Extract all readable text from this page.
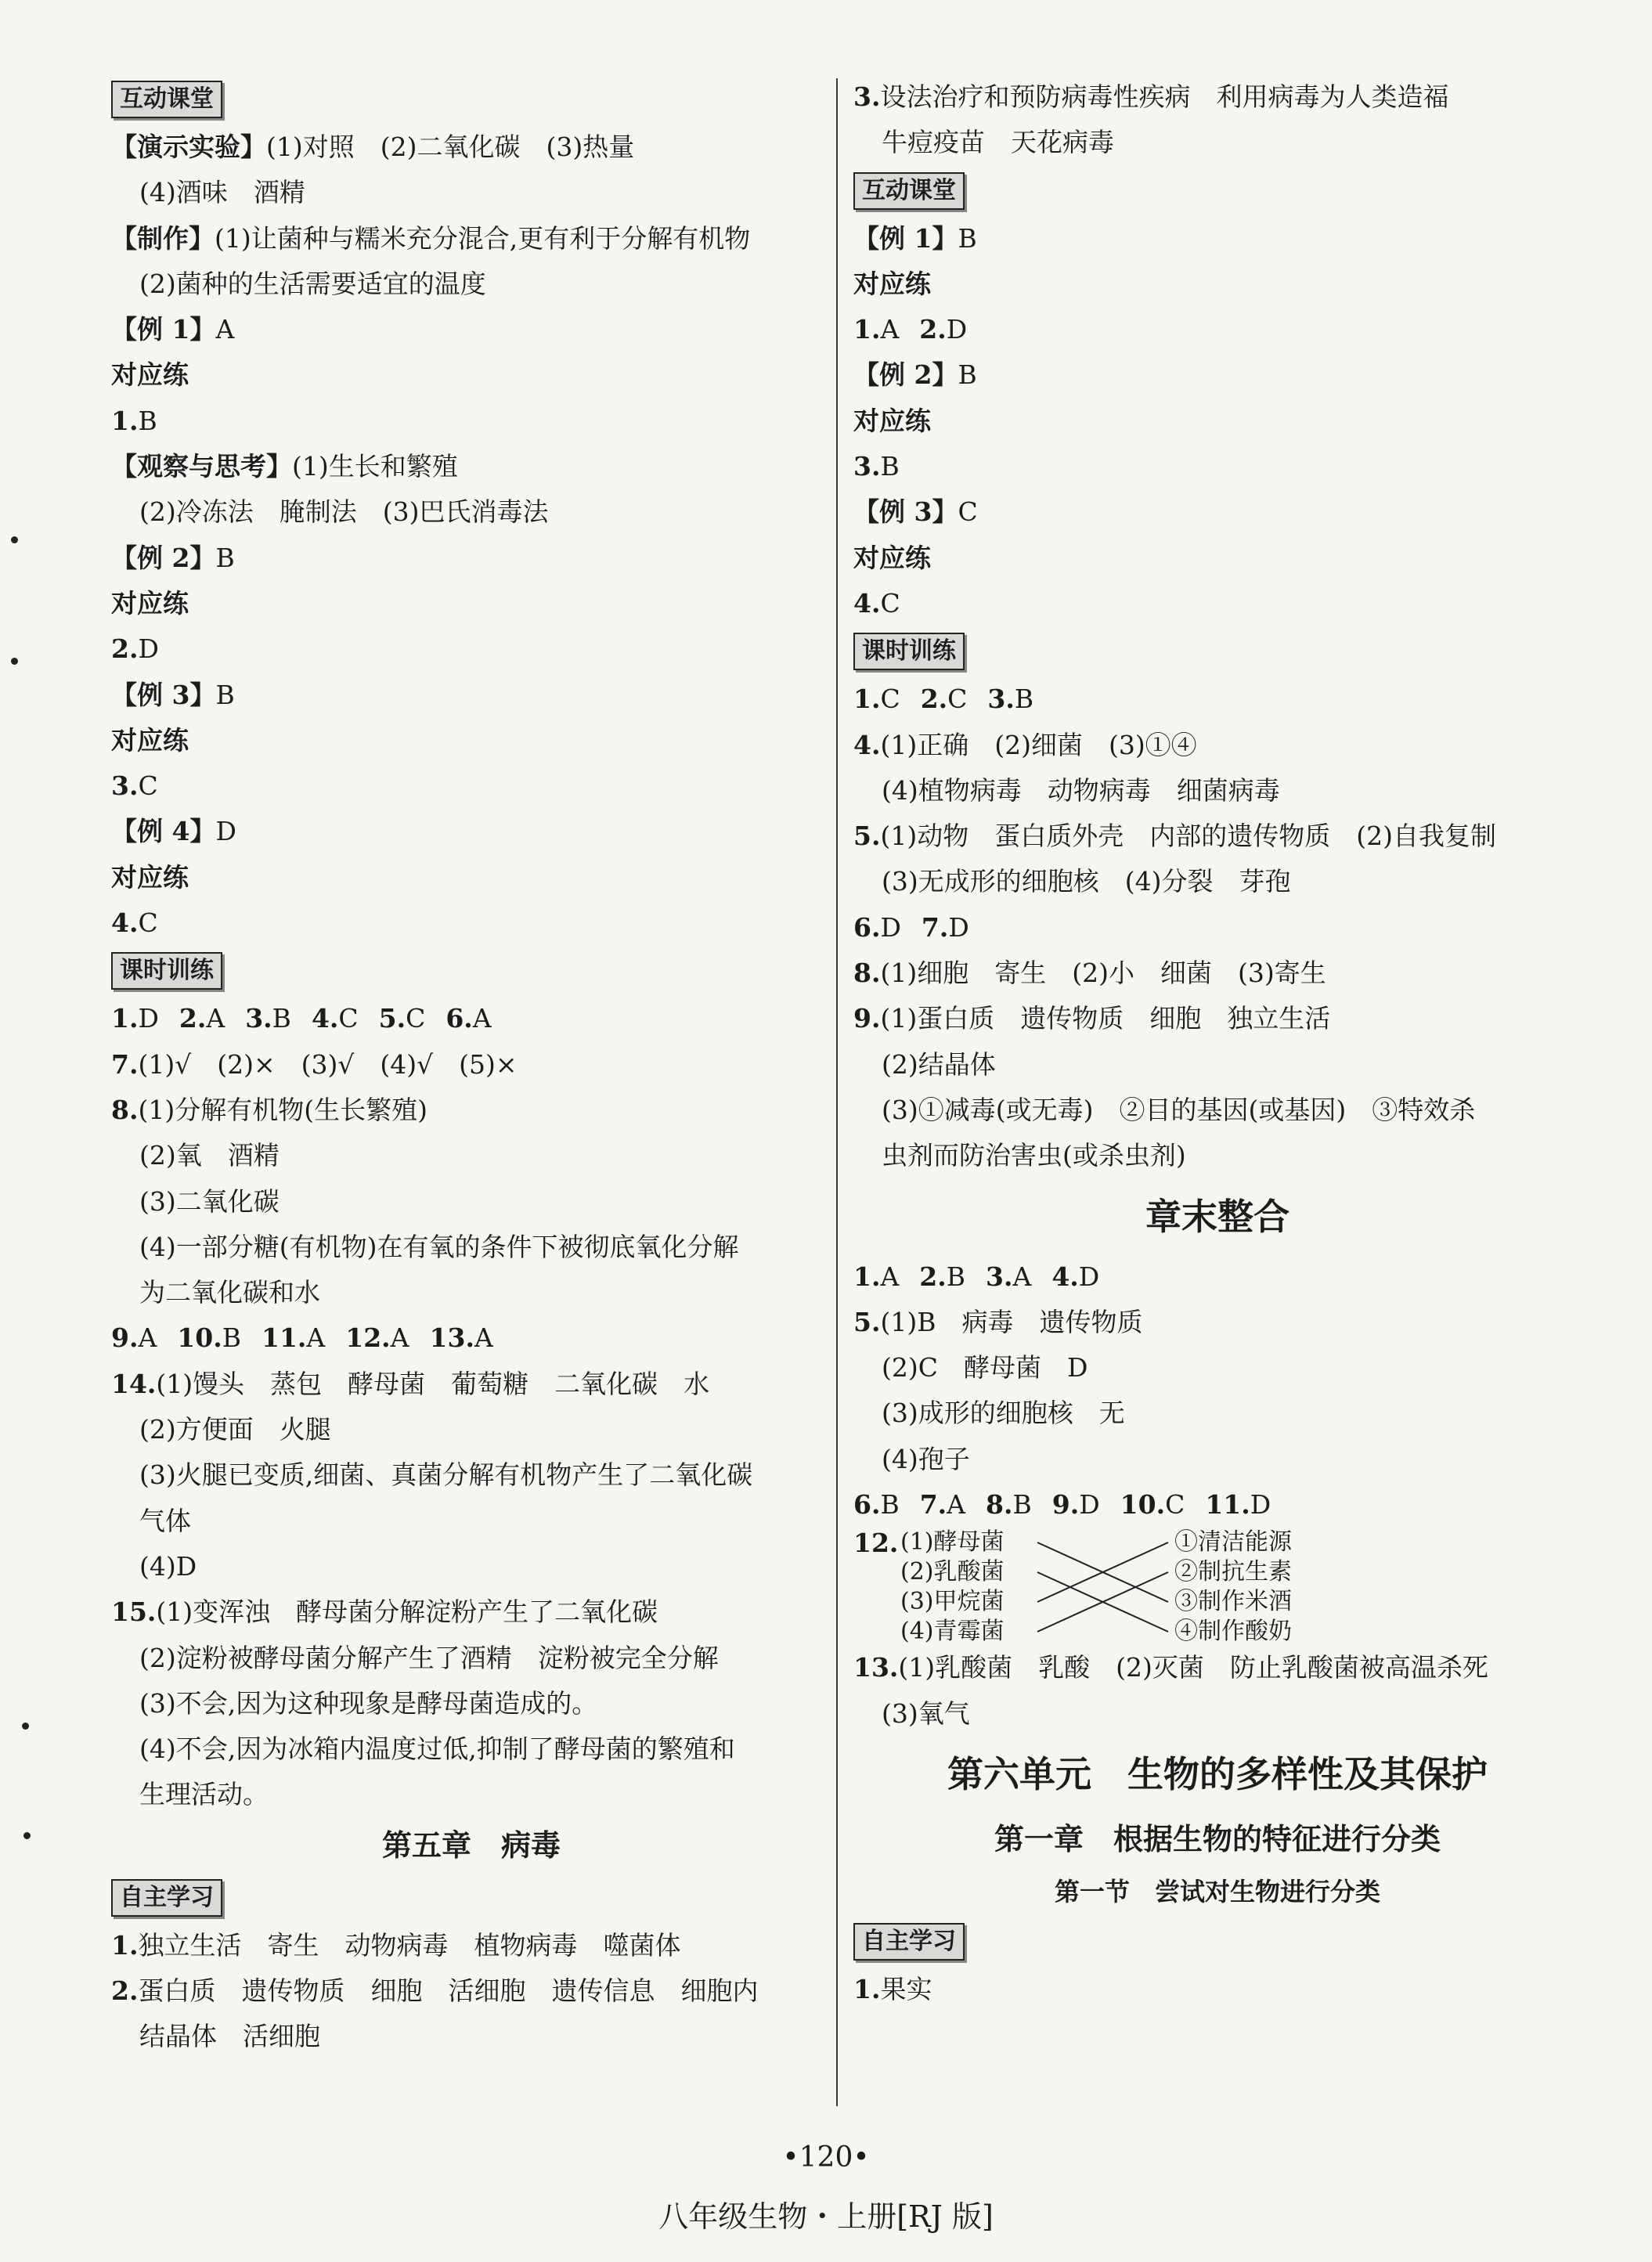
互动课堂
【演示实验】(1)对照　(2)二氧化碳　(3)热量
(4)酒味　酒精
【制作】(1)让菌种与糯米充分混合,更有利于分解有机物
(2)菌种的生活需要适宜的温度
【例 1】A
对应练
1.B
【观察与思考】(1)生长和繁殖
(2)冷冻法　腌制法　(3)巴氏消毒法
【例 2】B
对应练
2.D
【例 3】B
对应练
3.C
【例 4】D
对应练
4.C
课时训练
1.D 2.A 3.B 4.C 5.C 6.A
7.(1)√　(2)×　(3)√　(4)√　(5)×
8.(1)分解有机物(生长繁殖)
(2)氧　酒精
(3)二氧化碳
(4)一部分糖(有机物)在有氧的条件下被彻底氧化分解
为二氧化碳和水
9.A 10.B 11.A 12.A 13.A
14.(1)馒头　蒸包　酵母菌　葡萄糖　二氧化碳　水
(2)方便面　火腿
(3)火腿已变质,细菌、真菌分解有机物产生了二氧化碳
气体
(4)D
15.(1)变浑浊　酵母菌分解淀粉产生了二氧化碳
(2)淀粉被酵母菌分解产生了酒精　淀粉被完全分解
(3)不会,因为这种现象是酵母菌造成的。
(4)不会,因为冰箱内温度过低,抑制了酵母菌的繁殖和
生理活动。
第五章　病毒
自主学习
1.独立生活　寄生　动物病毒　植物病毒　噬菌体
2.蛋白质　遗传物质　细胞　活细胞　遗传信息　细胞内
结晶体　活细胞
3.设法治疗和预防病毒性疾病　利用病毒为人类造福
牛痘疫苗　天花病毒
互动课堂
【例 1】B
对应练
1.A 2.D
【例 2】B
对应练
3.B
【例 3】C
对应练
4.C
课时训练
1.C 2.C 3.B
4.(1)正确　(2)细菌　(3)①④
(4)植物病毒　动物病毒　细菌病毒
5.(1)动物　蛋白质外壳　内部的遗传物质　(2)自我复制
(3)无成形的细胞核　(4)分裂　芽孢
6.D 7.D
8.(1)细胞　寄生　(2)小　细菌　(3)寄生
9.(1)蛋白质　遗传物质　细胞　独立生活
(2)结晶体
(3)①减毒(或无毒)　②目的基因(或基因)　③特效杀
虫剂而防治害虫(或杀虫剂)
章末整合
1.A 2.B 3.A 4.D
5.(1)B　病毒　遗传物质
(2)C　酵母菌　D
(3)成形的细胞核　无
(4)孢子
6.B 7.A 8.B 9.D 10.C 11.D
12. (1)酵母菌
(2)乳酸菌
(3)甲烷菌
(4)青霉菌
①清洁能源
②制抗生素
③制作米酒
④制作酸奶
13.(1)乳酸菌　乳酸　(2)灭菌　防止乳酸菌被高温杀死
(3)氧气
第六单元　生物的多样性及其保护
第一章　根据生物的特征进行分类
第一节　尝试对生物进行分类
自主学习
1.果实
•120•
八年级生物・上册[RJ 版]
